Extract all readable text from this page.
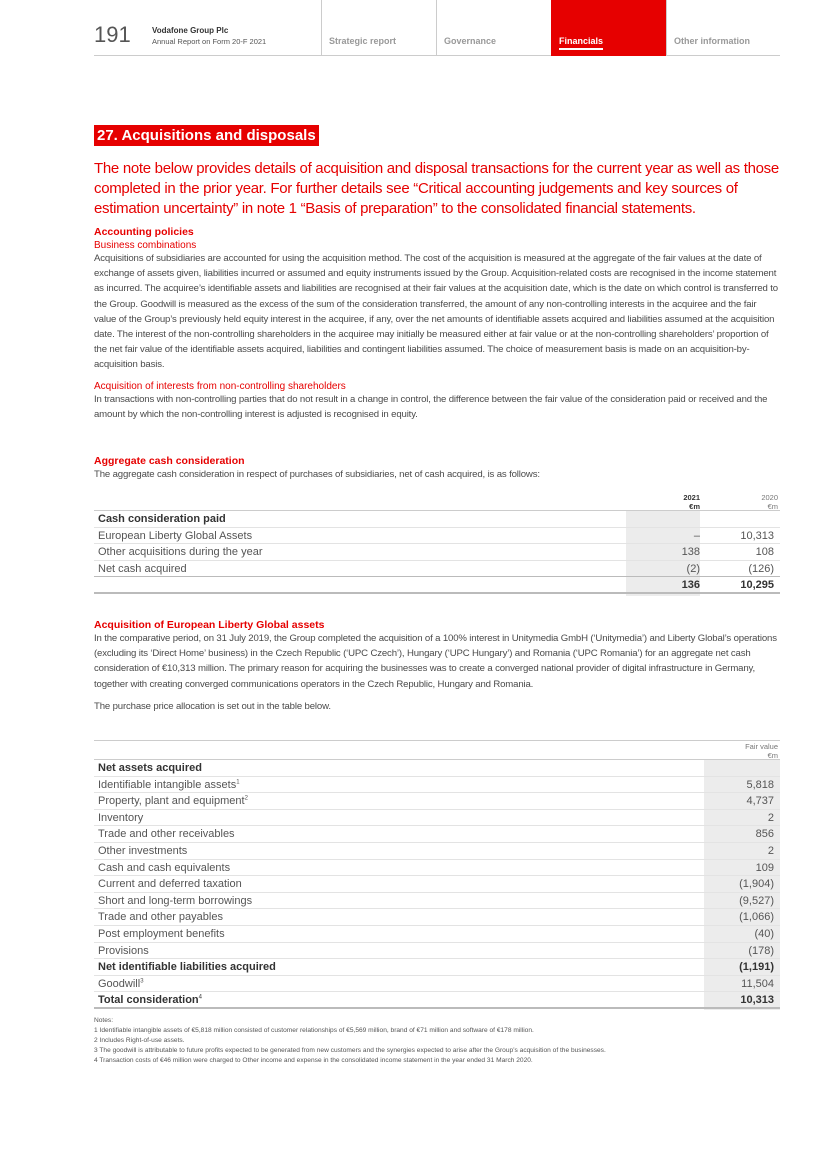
191	Vodafone Group Plc
Annual Report on Form 20-F 2021	Strategic report	Governance	Financials	Other information
27. Acquisitions and disposals
The note below provides details of acquisition and disposal transactions for the current year as well as those completed in the prior year. For further details see “Critical accounting judgements and key sources of estimation uncertainty” in note 1 “Basis of preparation” to the consolidated financial statements.
Accounting policies
Business combinations
Acquisitions of subsidiaries are accounted for using the acquisition method. The cost of the acquisition is measured at the aggregate of the fair values at the date of exchange of assets given, liabilities incurred or assumed and equity instruments issued by the Group. Acquisition-related costs are recognised in the income statement as incurred. The acquiree’s identifiable assets and liabilities are recognised at their fair values at the acquisition date, which is the date on which control is transferred to the Group. Goodwill is measured as the excess of the sum of the consideration transferred, the amount of any non-controlling interests in the acquiree and the fair value of the Group’s previously held equity interest in the acquiree, if any, over the net amounts of identifiable assets acquired and liabilities assumed at the acquisition date. The interest of the non-controlling shareholders in the acquiree may initially be measured either at fair value or at the non-controlling shareholders’ proportion of the net fair value of the identifiable assets acquired, liabilities and contingent liabilities assumed. The choice of measurement basis is made on an acquisition-by-acquisition basis.
Acquisition of interests from non-controlling shareholders
In transactions with non-controlling parties that do not result in a change in control, the difference between the fair value of the consideration paid or received and the amount by which the non-controlling interest is adjusted is recognised in equity.
Aggregate cash consideration
The aggregate cash consideration in respect of purchases of subsidiaries, net of cash acquired, is as follows:
2021
€m
2020
€m
Cash consideration paid
European Liberty Global Assets	–	10,313
Other acquisitions during the year	138	108
Net cash acquired	(2)	(126)
136	10,295
Acquisition of European Liberty Global assets
In the comparative period, on 31 July 2019, the Group completed the acquisition of a 100% interest in Unitymedia GmbH (‘Unitymedia’) and Liberty Global’s operations (excluding its ‘Direct Home’ business) in the Czech Republic (‘UPC Czech’), Hungary (‘UPC Hungary’) and Romania (‘UPC Romania’) for an aggregate net cash consideration of €10,313 million. The primary reason for acquiring the businesses was to create a converged national provider of digital infrastructure in Germany, together with creating converged communications operators in the Czech Republic, Hungary and Romania.
The purchase price allocation is set out in the table below.
Fair value
€m
Net assets acquired
Identifiable intangible assets$^1$	5,818
Property, plant and equipment$^2$	4,737
Inventory	2
Trade and other receivables	856
Other investments	2
Cash and cash equivalents	109
Current and deferred taxation	(1,904)
Short and long-term borrowings	(9,527)
Trade and other payables	(1,066)
Post employment benefits	(40)
Provisions	(178)
Net identifiable liabilities acquired	(1,191)
Goodwill$^3$	11,504
Total consideration$^4$	10,313
Notes:
1 Identifiable intangible assets of €5,818 million consisted of customer relationships of €5,569 million, brand of €71 million and software of €178 million.
2 Includes Right-of-use assets.
3 The goodwill is attributable to future profits expected to be generated from new customers and the synergies expected to arise after the Group’s acquisition of the businesses.
4 Transaction costs of €46 million were charged to Other income and expense in the consolidated income statement in the year ended 31 March 2020.
